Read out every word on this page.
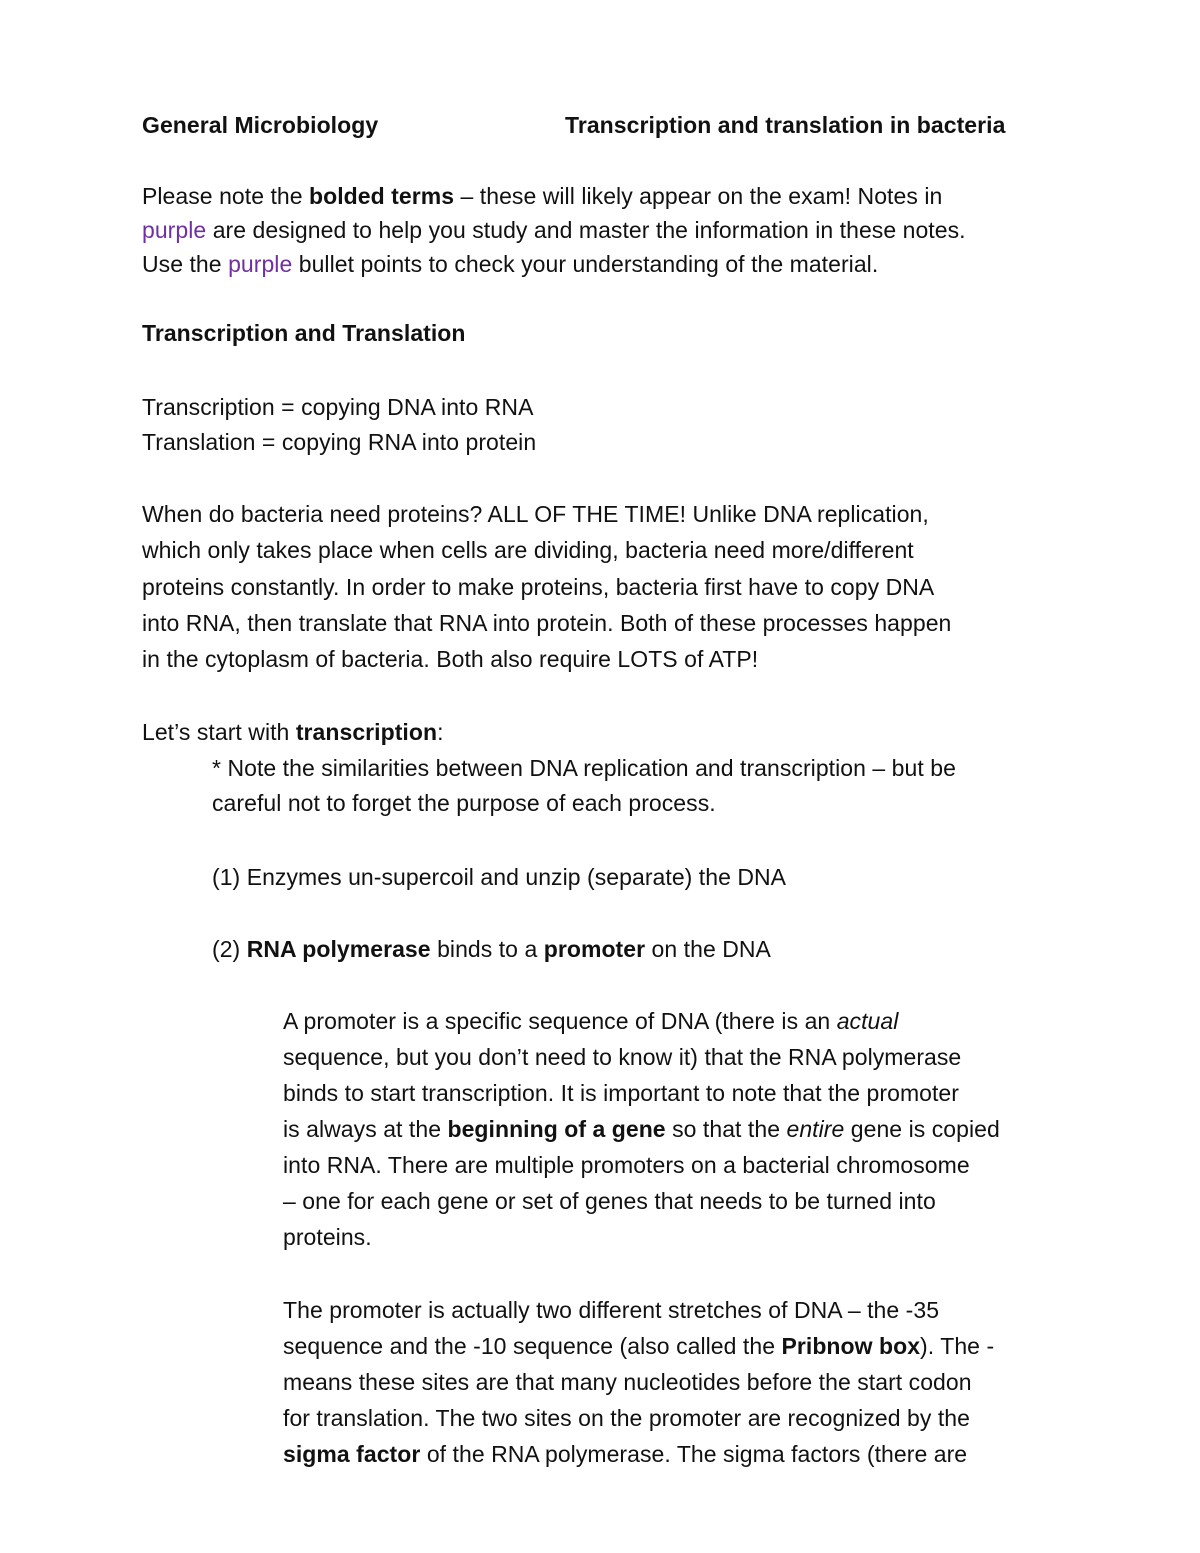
General Microbiology	Transcription and translation in bacteria
Please note the bolded terms – these will likely appear on the exam! Notes in
purple are designed to help you study and master the information in these notes.
Use the purple bullet points to check your understanding of the material.
Transcription and Translation
Transcription = copying DNA into RNA
Translation = copying RNA into protein
When do bacteria need proteins? ALL OF THE TIME! Unlike DNA replication,
which only takes place when cells are dividing, bacteria need more/different
proteins constantly. In order to make proteins, bacteria first have to copy DNA
into RNA, then translate that RNA into protein. Both of these processes happen
in the cytoplasm of bacteria. Both also require LOTS of ATP!
Let’s start with transcription:
* Note the similarities between DNA replication and transcription – but be
careful not to forget the purpose of each process.
(1) Enzymes un-supercoil and unzip (separate) the DNA
(2) RNA polymerase binds to a promoter on the DNA
A promoter is a specific sequence of DNA (there is an actual
sequence, but you don’t need to know it) that the RNA polymerase
binds to start transcription. It is important to note that the promoter
is always at the beginning of a gene so that the entire gene is copied
into RNA. There are multiple promoters on a bacterial chromosome
– one for each gene or set of genes that needs to be turned into
proteins.
The promoter is actually two different stretches of DNA – the -35
sequence and the -10 sequence (also called the Pribnow box). The -
means these sites are that many nucleotides before the start codon
for translation. The two sites on the promoter are recognized by the
sigma factor of the RNA polymerase. The sigma factors (there are
